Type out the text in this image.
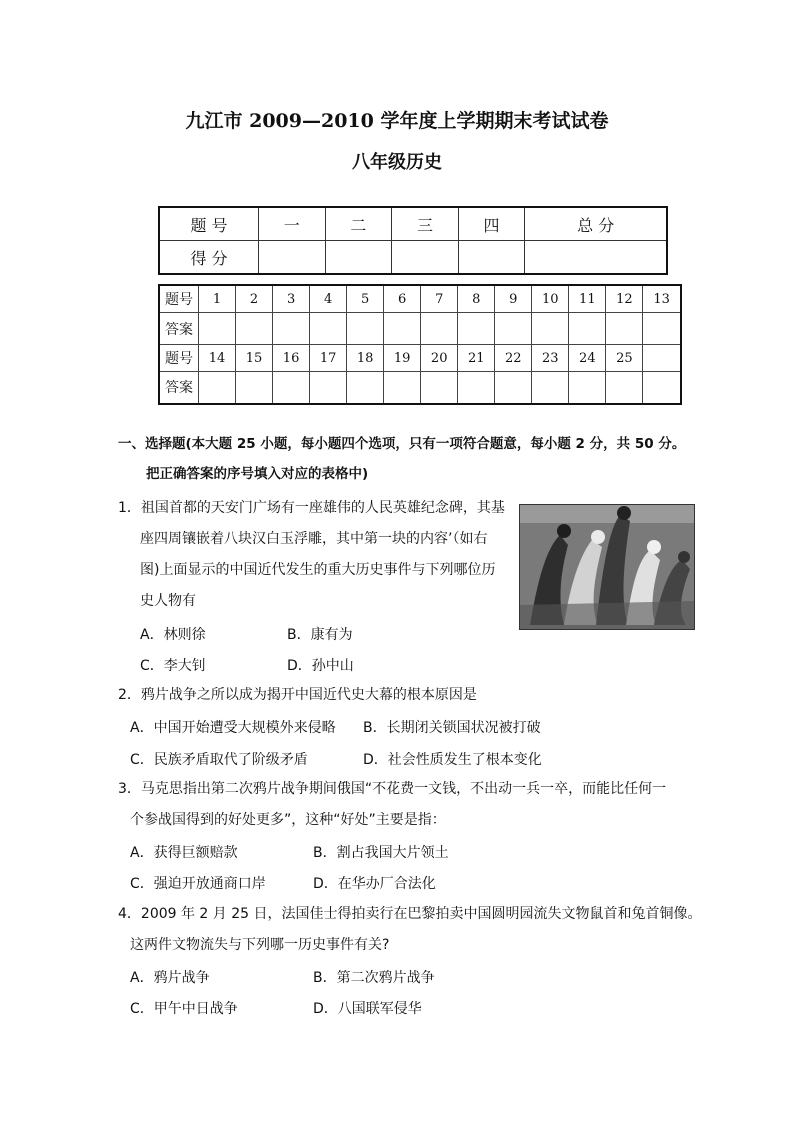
九江市 2009—2010 学年度上学期期末考试试卷
八年级历史
题 号	一	二	三	四	总 分
得 分					
题号	1	2	3	4	5	6	7	8	9	10	11	12	13
答案													
题号	14	15	16	17	18	19	20	21	22	23	24	25	
答案													
一、选择题(本大题 25 小题，每小题四个选项，只有一项符合题意，每小题 2 分，共 50 分。
把正确答案的序号填入对应的表格中)
1．祖国首都的天安门广场有一座雄伟的人民英雄纪念碑，其基
座四周镶嵌着八块汉白玉浮雕，其中第一块的内容’（如右
图)上面显示的中国近代发生的重大历史事件与下列哪位历
史人物有
A．林则徐	B．康有为
C．李大钊	D．孙中山
2．鸦片战争之所以成为揭开中国近代史大幕的根本原因是
A．中国开始遭受大规模外来侵略 B．长期闭关锁国状况被打破
C．民族矛盾取代了阶级矛盾	D．社会性质发生了根本变化
3．马克思指出第二次鸦片战争期间俄国“不花费一文钱，不出动一兵一卒，而能比任何一
个参战国得到的好处更多”，这种“好处”主要是指：
A．获得巨额赔款	B．割占我国大片领土
C．强迫开放通商口岸	D．在华办厂合法化
4．2009 年 2 月 25 日，法国佳士得拍卖行在巴黎拍卖中国圆明园流失文物鼠首和兔首铜像。
这两件文物流失与下列哪一历史事件有关?
A．鸦片战争	B．第二次鸦片战争
C．甲午中日战争	D．八国联军侵华
